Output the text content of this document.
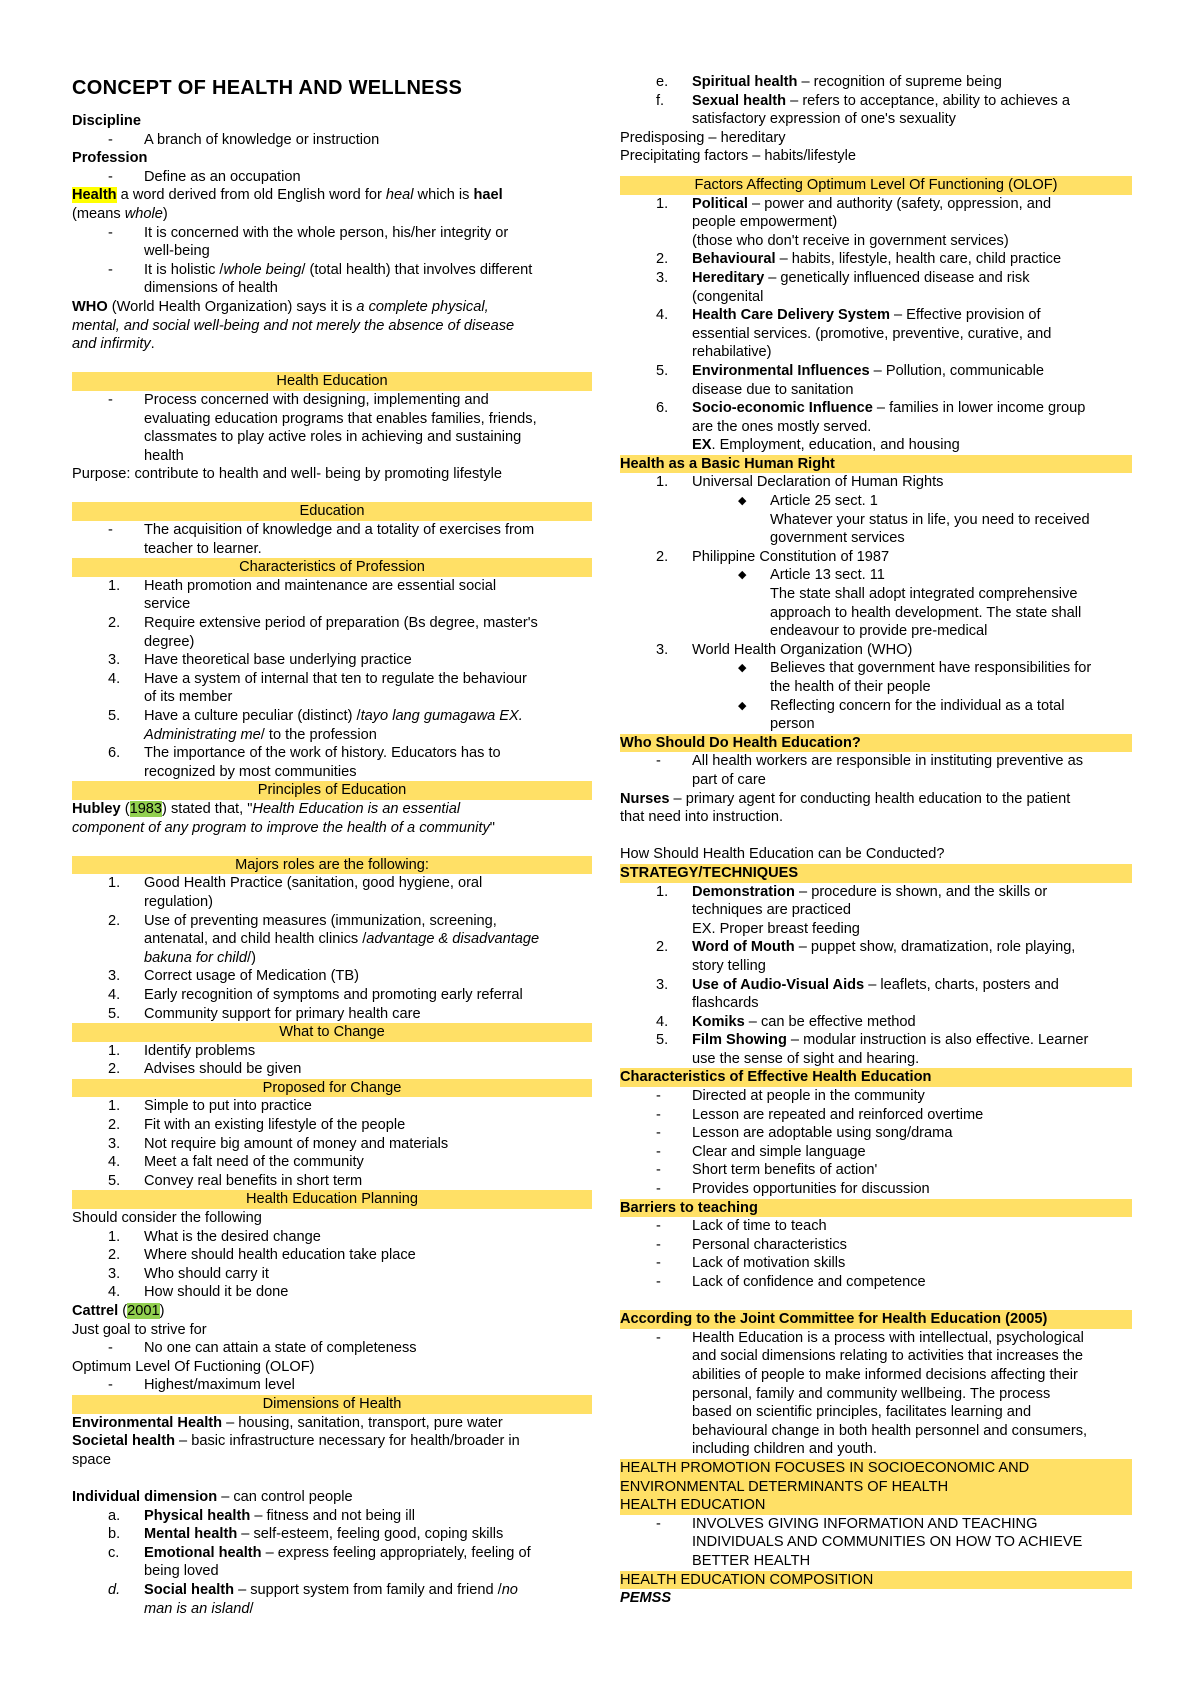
CONCEPT OF HEALTH AND WELLNESS
Discipline
- A branch of knowledge or instruction
Profession
- Define as an occupation
Health a word derived from old English word for heal which is hael
(means whole)
- It is concerned with the whole person, his/her integrity or
well-being
- It is holistic /whole being/ (total health) that involves different
dimensions of health
WHO (World Health Organization) says it is a complete physical,
mental, and social well-being and not merely the absence of disease
and infirmity.
Health Education
- Process concerned with designing, implementing and
evaluating education programs that enables families, friends,
classmates to play active roles in achieving and sustaining
health
Purpose: contribute to health and well- being by promoting lifestyle
Education
- The acquisition of knowledge and a totality of exercises from
teacher to learner.
Characteristics of Profession
1. Heath promotion and maintenance are essential social
service
2. Require extensive period of preparation (Bs degree, master's
degree)
3. Have theoretical base underlying practice
4. Have a system of internal that ten to regulate the behaviour
of its member
5. Have a culture peculiar (distinct) /tayo lang gumagawa EX.
Administrating me/ to the profession
6. The importance of the work of history. Educators has to
recognized by most communities
Principles of Education
Hubley (1983) stated that, "Health Education is an essential
component of any program to improve the health of a community"
Majors roles are the following:
1. Good Health Practice (sanitation, good hygiene, oral
regulation)
2. Use of preventing measures (immunization, screening,
antenatal, and child health clinics /advantage & disadvantage
bakuna for child/)
3. Correct usage of Medication (TB)
4. Early recognition of symptoms and promoting early referral
5. Community support for primary health care
What to Change
1. Identify problems
2. Advises should be given
Proposed for Change
1. Simple to put into practice
2. Fit with an existing lifestyle of the people
3. Not require big amount of money and materials
4. Meet a falt need of the community
5. Convey real benefits in short term
Health Education Planning
Should consider the following
1. What is the desired change
2. Where should health education take place
3. Who should carry it
4. How should it be done
Cattrel (2001)
Just goal to strive for
- No one can attain a state of completeness
Optimum Level Of Fuctioning (OLOF)
- Highest/maximum level
Dimensions of Health
Environmental Health – housing, sanitation, transport, pure water
Societal health – basic infrastructure necessary for health/broader in
space
Individual dimension – can control people
a. Physical health – fitness and not being ill
b. Mental health – self-esteem, feeling good, coping skills
c. Emotional health – express feeling appropriately, feeling of
being loved
d. Social health – support system from family and friend /no
man is an island/
e. Spiritual health – recognition of supreme being
f. Sexual health – refers to acceptance, ability to achieves a
satisfactory expression of one's sexuality
Predisposing – hereditary
Precipitating factors – habits/lifestyle
Factors Affecting Optimum Level Of Functioning (OLOF)
1. Political – power and authority (safety, oppression, and
people empowerment)
(those who don't receive in government services)
2. Behavioural – habits, lifestyle, health care, child practice
3. Hereditary – genetically influenced disease and risk
(congenital
4. Health Care Delivery System – Effective provision of
essential services. (promotive, preventive, curative, and
rehabilative)
5. Environmental Influences – Pollution, communicable
disease due to sanitation
6. Socio-economic Influence – families in lower income group
are the ones mostly served.
EX. Employment, education, and housing
Health as a Basic Human Right
1. Universal Declaration of Human Rights
◆ Article 25 sect. 1
Whatever your status in life, you need to received
government services
2. Philippine Constitution of 1987
◆ Article 13 sect. 11
The state shall adopt integrated comprehensive
approach to health development. The state shall
endeavour to provide pre-medical
3. World Health Organization (WHO)
◆ Believes that government have responsibilities for
the health of their people
◆ Reflecting concern for the individual as a total
person
Who Should Do Health Education?
- All health workers are responsible in instituting preventive as
part of care
Nurses – primary agent for conducting health education to the patient
that need into instruction.
How Should Health Education can be Conducted?
STRATEGY/TECHNIQUES
1. Demonstration – procedure is shown, and the skills or
techniques are practiced
EX. Proper breast feeding
2. Word of Mouth – puppet show, dramatization, role playing,
story telling
3. Use of Audio-Visual Aids – leaflets, charts, posters and
flashcards
4. Komiks – can be effective method
5. Film Showing – modular instruction is also effective. Learner
use the sense of sight and hearing.
Characteristics of Effective Health Education
- Directed at people in the community
- Lesson are repeated and reinforced overtime
- Lesson are adoptable using song/drama
- Clear and simple language
- Short term benefits of action'
- Provides opportunities for discussion
Barriers to teaching
- Lack of time to teach
- Personal characteristics
- Lack of motivation skills
- Lack of confidence and competence
According to the Joint Committee for Health Education (2005)
- Health Education is a process with intellectual, psychological
and social dimensions relating to activities that increases the
abilities of people to make informed decisions affecting their
personal, family and community wellbeing. The process
based on scientific principles, facilitates learning and
behavioural change in both health personnel and consumers,
including children and youth.
HEALTH PROMOTION FOCUSES IN SOCIOECONOMIC AND
ENVIRONMENTAL DETERMINANTS OF HEALTH
HEALTH EDUCATION
- INVOLVES GIVING INFORMATION AND TEACHING
INDIVIDUALS AND COMMUNITIES ON HOW TO ACHIEVE
BETTER HEALTH
HEALTH EDUCATION COMPOSITION
PEMSS
